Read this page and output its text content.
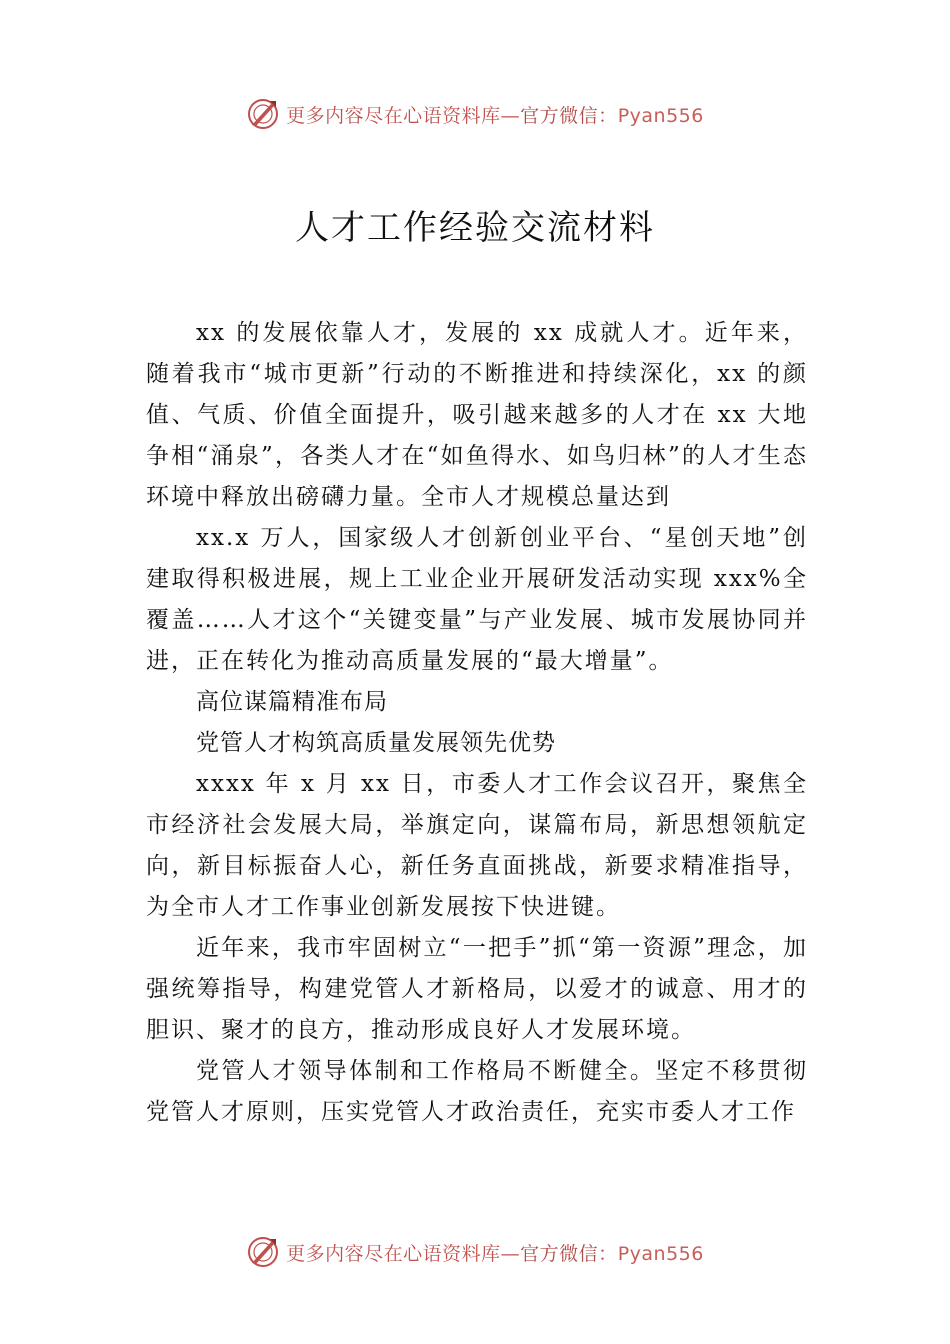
更多内容尽在心语资料库—官方微信：Pyan556
人才工作经验交流材料

xx 的发展依靠人才，发展的 xx 成就人才。近年来，随着我市“城市更新”行动的不断推进和持续深化，xx 的颜值、气质、价值全面提升，吸引越来越多的人才在 xx 大地争相“涌泉”，各类人才在“如鱼得水、如鸟归林”的人才生态环境中释放出磅礴力量。全市人才规模总量达到

xx.x 万人，国家级人才创新创业平台、“星创天地”创建取得积极进展，规上工业企业开展研发活动实现 xxx%全覆盖……人才这个“关键变量”与产业发展、城市发展协同并进，正在转化为推动高质量发展的“最大增量”。

高位谋篇精准布局

党管人才构筑高质量发展领先优势

xxxx 年 x 月 xx 日，市委人才工作会议召开，聚焦全市经济社会发展大局，举旗定向，谋篇布局，新思想领航定向，新目标振奋人心，新任务直面挑战，新要求精准指导，为全市人才工作事业创新发展按下快进键。

近年来，我市牢固树立“一把手”抓“第一资源”理念，加强统筹指导，构建党管人才新格局，以爱才的诚意、用才的胆识、聚才的良方，推动形成良好人才发展环境。

党管人才领导体制和工作格局不断健全。坚定不移贯彻党管人才原则，压实党管人才政治责任，充实市委人才工作

更多内容尽在心语资料库—官方微信：Pyan556
